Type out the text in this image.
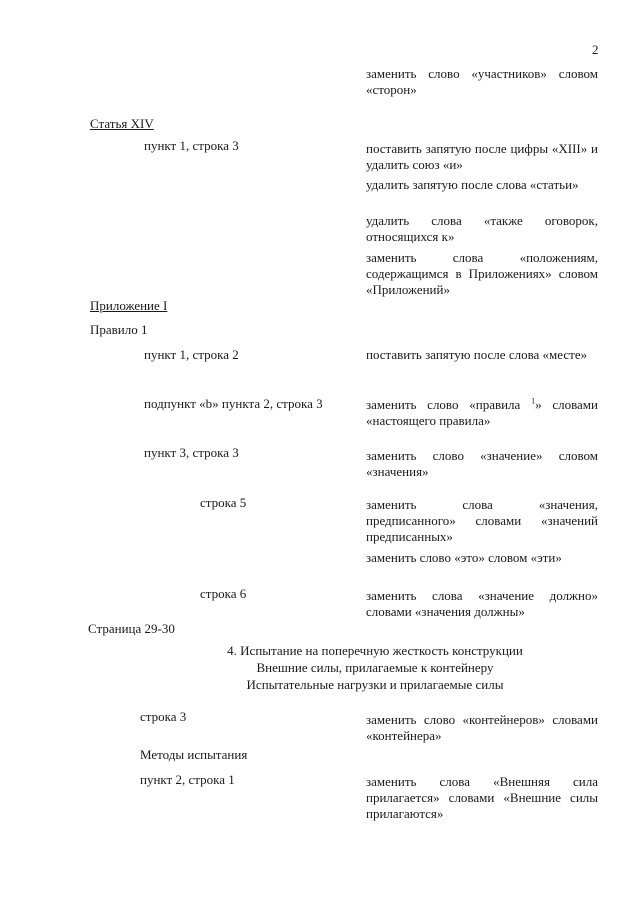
2
заменить слово «участников» словом «сторон»
Статья XIV
пункт 1, строка 3	поставить запятую после цифры «XIII» и удалить союз «и»
удалить запятую после слова «статьи»
удалить слова «также оговорок, относящихся к»
заменить слова «положениям, содержащимся в Приложениях» словом «Приложений»
Приложение I
Правило 1
пункт 1, строка 2	поставить запятую после слова «месте»
подпункт «b» пункта 2, строка 3	заменить слово «правила $^1$» словами «настоящего правила»
пункт 3, строка 3	заменить слово «значение» словом «значения»
строка 5	заменить слова «значения, предписанного» словами «значений предписанных»
заменить слово «это» словом «эти»
строка 6	заменить слова «значение должно» словами «значения должны»
Страница 29-30
4. Испытание на поперечную жесткость конструкции
Внешние силы, прилагаемые к контейнеру
Испытательные нагрузки и прилагаемые силы
строка 3	заменить слово «контейнеров» словами «контейнера»
Методы испытания
пункт 2, строка 1	заменить слова «Внешняя сила прилагается» словами «Внешние силы прилагаются»
